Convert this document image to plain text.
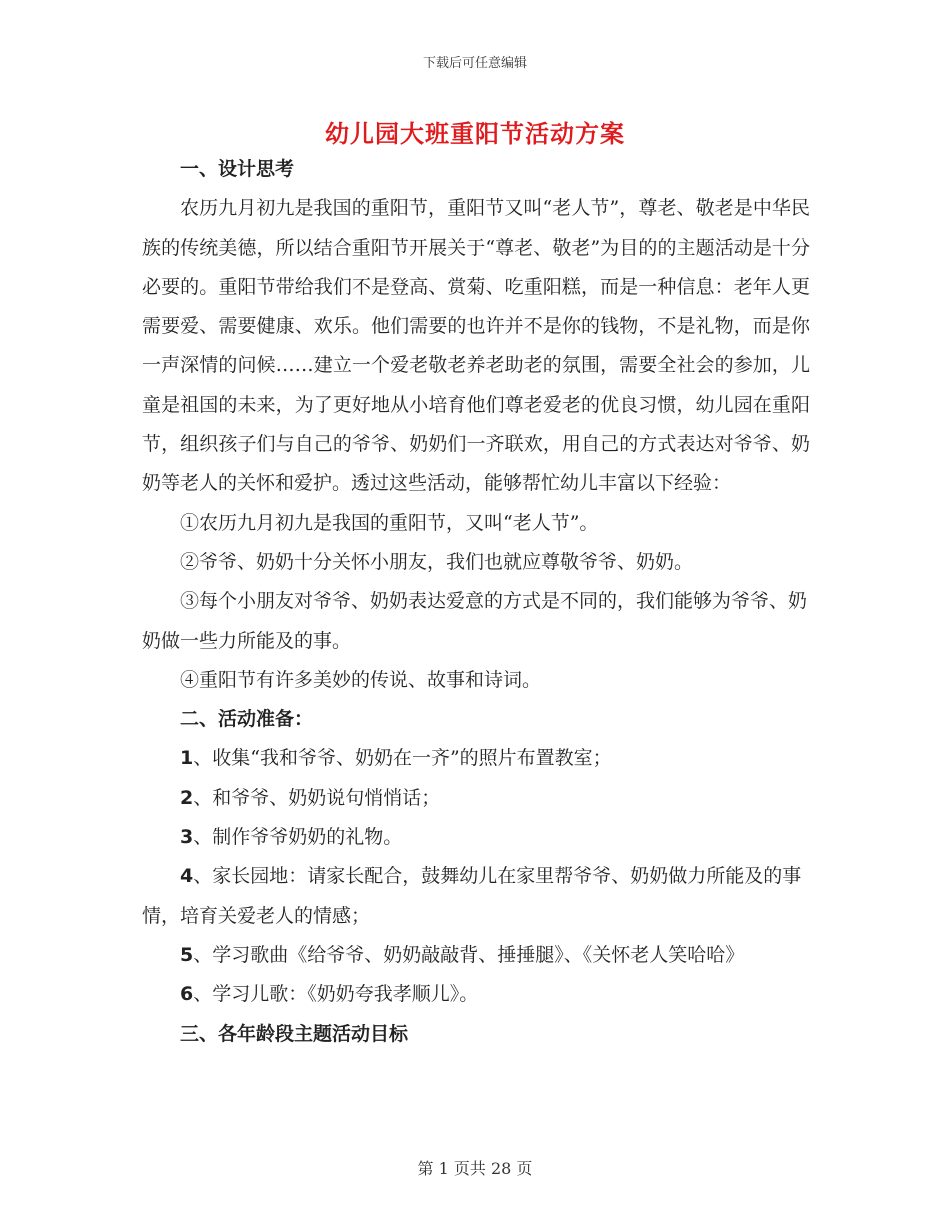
下载后可任意编辑
幼儿园大班重阳节活动方案

一、设计思考

农历九月初九是我国的重阳节，重阳节又叫“老人节”，尊老、敬老是中华民族的传统美德，所以结合重阳节开展关于“尊老、敬老”为目的的主题活动是十分必要的。重阳节带给我们不是登高、赏菊、吃重阳糕，而是一种信息：老年人更需要爱、需要健康、欢乐。他们需要的也许并不是你的钱物，不是礼物，而是你一声深情的问候……建立一个爱老敬老养老助老的氛围，需要全社会的参加，儿童是祖国的未来，为了更好地从小培育他们尊老爱老的优良习惯，幼儿园在重阳节，组织孩子们与自己的爷爷、奶奶们一齐联欢，用自己的方式表达对爷爷、奶奶等老人的关怀和爱护。透过这些活动，能够帮忙幼儿丰富以下经验：

①农历九月初九是我国的重阳节，又叫“老人节”。

②爷爷、奶奶十分关怀小朋友，我们也就应尊敬爷爷、奶奶。

③每个小朋友对爷爷、奶奶表达爱意的方式是不同的，我们能够为爷爷、奶奶做一些力所能及的事。

④重阳节有许多美妙的传说、故事和诗词。

二、活动准备：

1、收集“我和爷爷、奶奶在一齐”的照片布置教室；

2、和爷爷、奶奶说句悄悄话；

3、制作爷爷奶奶的礼物。

4、家长园地：请家长配合，鼓舞幼儿在家里帮爷爷、奶奶做力所能及的事情，培育关爱老人的情感；

5、学习歌曲《给爷爷、奶奶敲敲背、捶捶腿》、《关怀老人笑哈哈》

6、学习儿歌：《奶奶夸我孝顺儿》。

三、各年龄段主题活动目标

第 1 页共 28 页
